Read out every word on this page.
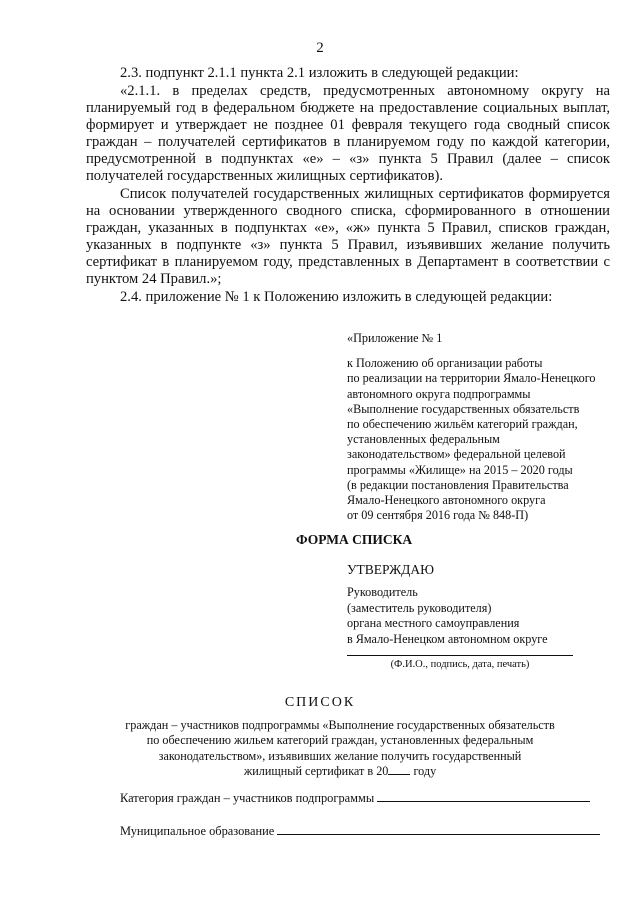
2

2.3. подпункт 2.1.1 пункта 2.1 изложить в следующей редакции:

«2.1.1. в пределах средств, предусмотренных автономному округу на планируемый год в федеральном бюджете на предоставление социальных выплат, формирует и утверждает не позднее 01 февраля текущего года сводный список граждан – получателей сертификатов в планируемом году по каждой категории, предусмотренной в подпунктах «е» – «з» пункта 5 Правил (далее – список получателей государственных жилищных сертификатов).

Список получателей государственных жилищных сертификатов формируется на основании утвержденного сводного списка, сформированного в отношении граждан, указанных в подпунктах «е», «ж» пункта 5 Правил, списков граждан, указанных в подпункте «з» пункта 5 Правил, изъявивших желание получить сертификат в планируемом году, представленных в Департамент в соответствии с пунктом 24 Правил.»;

2.4. приложение № 1 к Положению изложить в следующей редакции:

«Приложение № 1
к Положению об организации работы
по реализации на территории Ямало-Ненецкого
автономного округа подпрограммы
«Выполнение государственных обязательств
по обеспечению жильём категорий граждан,
установленных федеральным
законодательством» федеральной целевой
программы «Жилище» на 2015 – 2020 годы
(в редакции постановления Правительства
Ямало-Ненецкого автономного округа
от 09 сентября 2016 года № 848-П)
ФОРМА СПИСКА
УТВЕРЖДАЮ
Руководитель
(заместитель руководителя)
органа местного самоуправления
в Ямало-Ненецком автономном округе
(Ф.И.О., подпись, дата, печать)
СПИСОК
граждан – участников подпрограммы «Выполнение государственных обязательств
по обеспечению жильем категорий граждан, установленных федеральным
законодательством», изъявивших желание получить государственный
жилищный сертификат в 20 году
Категория граждан – участников подпрограммы
Муниципальное образование
